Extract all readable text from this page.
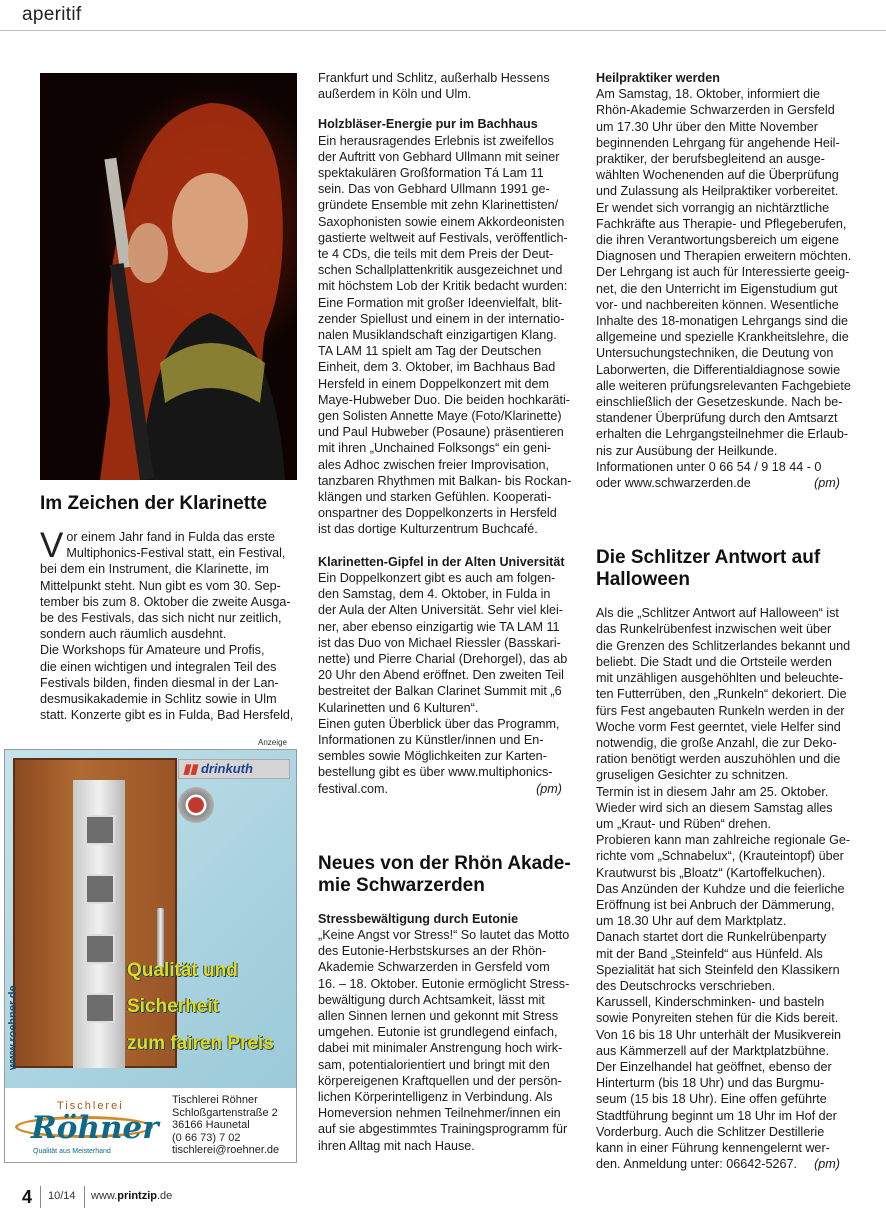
aperitif
Im Zeichen der Klarinette
V or einem Jahr fand in Fulda das erste

Multiphonics-Festival statt, ein Festival,

bei dem ein Instrument, die Klarinette, im

Mittelpunkt steht. Nun gibt es vom 30. Sep-

tember bis zum 8. Oktober die zweite Ausga-

be des Festivals, das sich nicht nur zeitlich,

sondern auch räumlich ausdehnt.

Die Workshops für Amateure und Profis,

die einen wichtigen und integralen Teil des

Festivals bilden, finden diesmal in der Lan-

desmusikakademie in Schlitz sowie in Ulm

statt. Konzerte gibt es in Fulda, Bad Hersfeld,

Anzeige
▮▮ drinkuth
Qualität und
Sicherheit
zum fairen Preis
www.roehner.de
Tischlerei
Röhner
Qualität aus Meisterhand
Tischlerei Röhner
Schloßgartenstraße 2
36166 Haunetal
(0 66 73) 7 02
tischlerei@roehner.de

Frankfurt und Schlitz, außerhalb Hessens

außerdem in Köln und Ulm.

Holzbläser-Energie pur im Bachhaus

Ein herausragendes Erlebnis ist zweifellos

der Auftritt von Gebhard Ullmann mit seiner

spektakulären Großformation Tá Lam 11

sein. Das von Gebhard Ullmann 1991 ge-

gründete Ensemble mit zehn Klarinettisten/

Saxophonisten sowie einem Akkordeonisten

gastierte weltweit auf Festivals, veröffentlich-

te 4 CDs, die teils mit dem Preis der Deut-

schen Schallplattenkritik ausgezeichnet und

mit höchstem Lob der Kritik bedacht wurden:

Eine Formation mit großer Ideenvielfalt, blit-

zender Spiellust und einem in der internatio-

nalen Musiklandschaft einzigartigen Klang.

TA LAM 11 spielt am Tag der Deutschen

Einheit, dem 3. Oktober, im Bachhaus Bad

Hersfeld in einem Doppelkonzert mit dem

Maye-Hubweber Duo. Die beiden hochkaräti-

gen Solisten Annette Maye (Foto/Klarinette)

und Paul Hubweber (Posaune) präsentieren

mit ihren „Unchained Folksongs“ ein geni-

ales Adhoc zwischen freier Improvisation,

tanzbaren Rhythmen mit Balkan- bis Rockan-

klängen und starken Gefühlen. Kooperati-

onspartner des Doppelkonzerts in Hersfeld

ist das dortige Kulturzentrum Buchcafé.

Klarinetten-Gipfel in der Alten Universität

Ein Doppelkonzert gibt es auch am folgen-

den Samstag, dem 4. Oktober, in Fulda in

der Aula der Alten Universität. Sehr viel klei-

ner, aber ebenso einzigartig wie TA LAM 11

ist das Duo von Michael Riessler (Basskari-

nette) und Pierre Charial (Drehorgel), das ab

20 Uhr den Abend eröffnet. Den zweiten Teil

bestreitet der Balkan Clarinet Summit mit „6

Kularinetten und 6 Kulturen“.

Einen guten Überblick über das Programm,

Informationen zu Künstler/innen und En-

sembles sowie Möglichkeiten zur Karten-

bestellung gibt es über www.multiphonics-

festival.com.	(pm)

Neues von der Rhön Akade-
mie Schwarzerden

Stressbewältigung durch Eutonie

„Keine Angst vor Stress!“ So lautet das Motto

des Eutonie-Herbstskurses an der Rhön-

Akademie Schwarzerden in Gersfeld vom

16. – 18. Oktober. Eutonie ermöglicht Stress-

bewältigung durch Achtsamkeit, lässt mit

allen Sinnen lernen und gekonnt mit Stress

umgehen. Eutonie ist grundlegend einfach,

dabei mit minimaler Anstrengung hoch wirk-

sam, potentialorientiert und bringt mit den

körpereigenen Kraftquellen und der persön-

lichen Körperintelligenz in Verbindung. Als

Homeversion nehmen Teilnehmer/innen ein

auf sie abgestimmtes Trainingsprogramm für

ihren Alltag mit nach Hause.

Heilpraktiker werden

Am Samstag, 18. Oktober, informiert die

Rhön-Akademie Schwarzerden in Gersfeld

um 17.30 Uhr über den Mitte November

beginnenden Lehrgang für angehende Heil-

praktiker, der berufsbegleitend an ausge-

wählten Wochenenden auf die Überprüfung

und Zulassung als Heilpraktiker vorbereitet.

Er wendet sich vorrangig an nichtärztliche

Fachkräfte aus Therapie- und Pflegeberufen,

die ihren Verantwortungsbereich um eigene

Diagnosen und Therapien erweitern möchten.

Der Lehrgang ist auch für Interessierte geeig-

net, die den Unterricht im Eigenstudium gut

vor- und nachbereiten können. Wesentliche

Inhalte des 18-monatigen Lehrgangs sind die

allgemeine und spezielle Krankheitslehre, die

Untersuchungstechniken, die Deutung von

Laborwerten, die Differentialdiagnose sowie

alle weiteren prüfungsrelevanten Fachgebiete

einschließlich der Gesetzeskunde. Nach be-

standener Überprüfung durch den Amtsarzt

erhalten die Lehrgangsteilnehmer die Erlaub-

nis zur Ausübung der Heilkunde.

Informationen unter 0 66 54 / 9 18 44 - 0

oder www.schwarzerden.de	(pm)

Die Schlitzer Antwort auf
Halloween

Als die „Schlitzer Antwort auf Halloween“ ist

das Runkelrübenfest inzwischen weit über

die Grenzen des Schlitzerlandes bekannt und

beliebt. Die Stadt und die Ortsteile werden

mit unzähligen ausgehöhlten und beleuchte-

ten Futterrüben, den „Runkeln“ dekoriert. Die

fürs Fest angebauten Runkeln werden in der

Woche vorm Fest geerntet, viele Helfer sind

notwendig, die große Anzahl, die zur Deko-

ration benötigt werden auszuhöhlen und die

gruseligen Gesichter zu schnitzen.

Termin ist in diesem Jahr am 25. Oktober.

Wieder wird sich an diesem Samstag alles

um „Kraut- und Rüben“ drehen.

Probieren kann man zahlreiche regionale Ge-

richte vom „Schnabelux“, (Krauteintopf) über

Krautwurst bis „Bloatz“ (Kartoffelkuchen).

Das Anzünden der Kuhdze und die feierliche

Eröffnung ist bei Anbruch der Dämmerung,

um 18.30 Uhr auf dem Marktplatz.

Danach startet dort die Runkelrübenparty

mit der Band „Steinfeld“ aus Hünfeld. Als

Spezialität hat sich Steinfeld den Klassikern

des Deutschrocks verschrieben.

Karussell, Kinderschminken- und basteln

sowie Ponyreiten stehen für die Kids bereit.

Von 16 bis 18 Uhr unterhält der Musikverein

aus Kämmerzell auf der Marktplatzbühne.

Der Einzelhandel hat geöffnet, ebenso der

Hinterturm (bis 18 Uhr) und das Burgmu-

seum (15 bis 18 Uhr). Eine offen geführte

Stadtführung beginnt um 18 Uhr im Hof der

Vorderburg. Auch die Schlitzer Destillerie

kann in einer Führung kennengelernt wer-

den. Anmeldung unter: 06642-5267. (pm)

4 10/14 www.printzip.de
